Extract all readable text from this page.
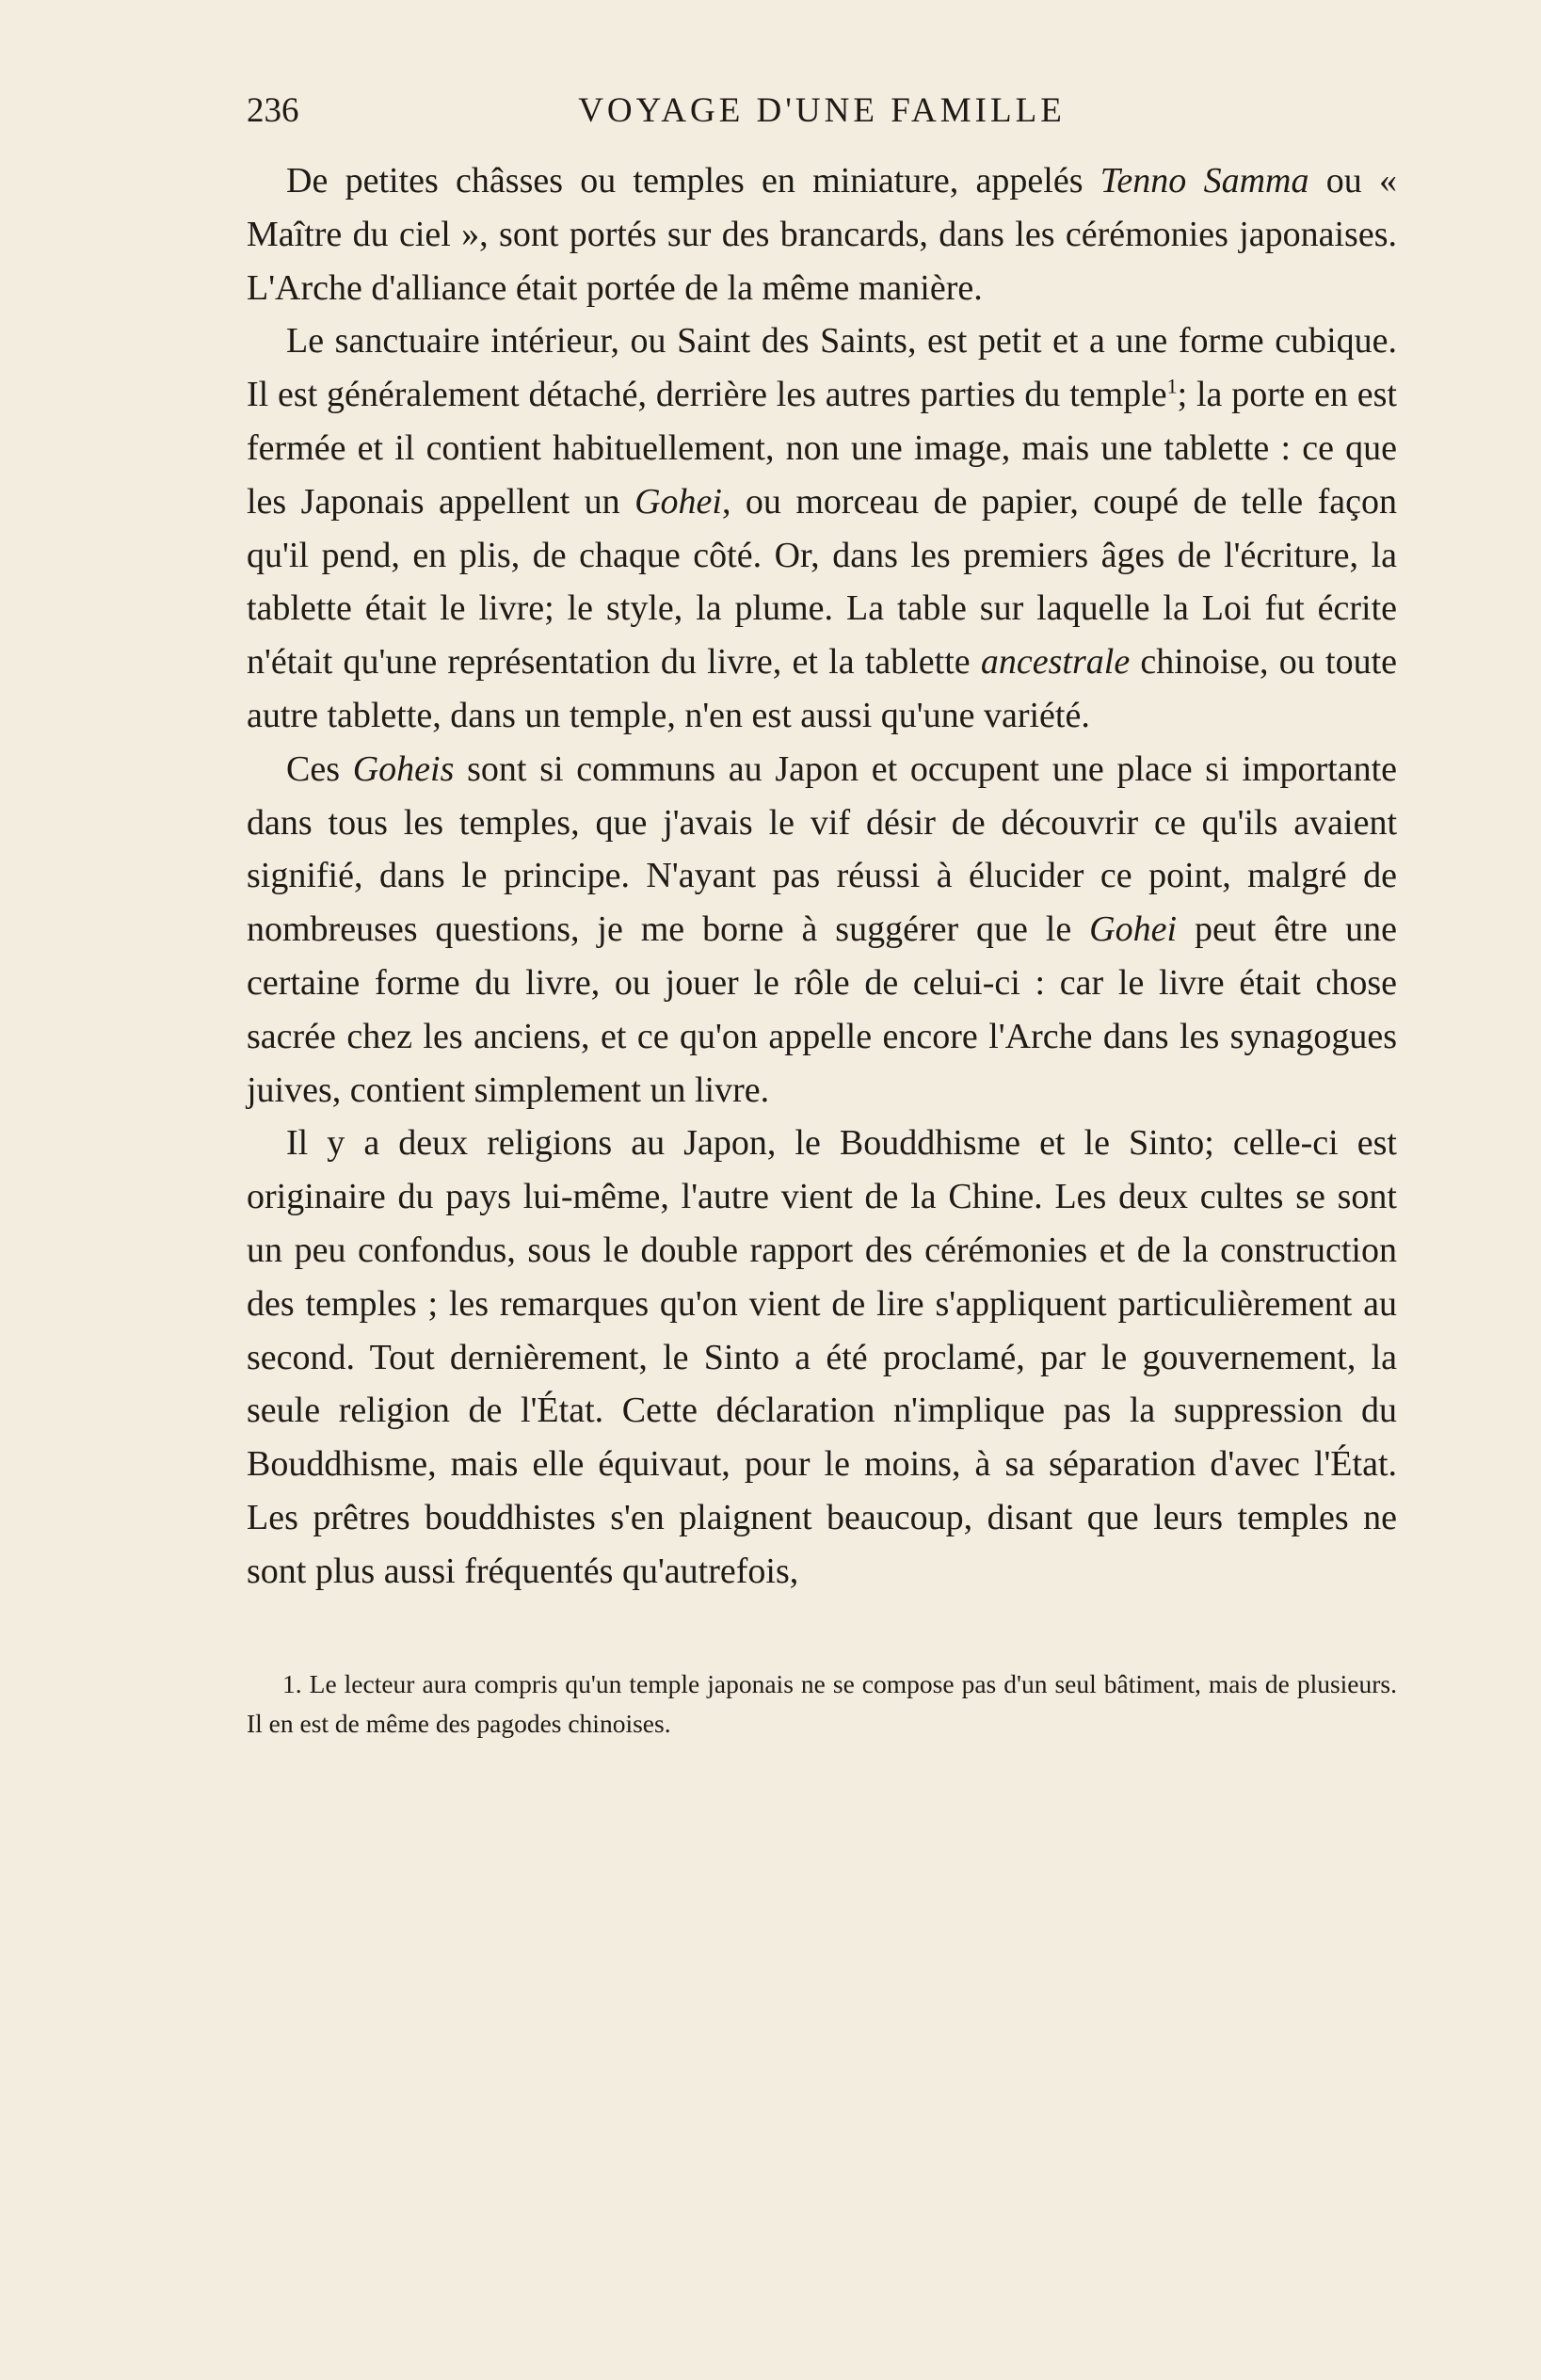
236	VOYAGE D'UNE FAMILLE

De petites châsses ou temples en miniature, appelés Tenno Samma ou « Maître du ciel », sont portés sur des brancards, dans les cérémonies japonaises. L'Arche d'alliance était portée de la même manière.

Le sanctuaire intérieur, ou Saint des Saints, est petit et a une forme cubique. Il est généralement détaché, derrière les autres parties du temple$^1$; la porte en est fermée et il contient habituellement, non une image, mais une tablette : ce que les Japonais appellent un Gohei, ou morceau de papier, coupé de telle façon qu'il pend, en plis, de chaque côté. Or, dans les premiers âges de l'écriture, la tablette était le livre; le style, la plume. La table sur laquelle la Loi fut écrite n'était qu'une représentation du livre, et la tablette ancestrale chinoise, ou toute autre tablette, dans un temple, n'en est aussi qu'une variété.

Ces Goheis sont si communs au Japon et occupent une place si importante dans tous les temples, que j'avais le vif désir de découvrir ce qu'ils avaient signifié, dans le principe. N'ayant pas réussi à élucider ce point, malgré de nombreuses questions, je me borne à suggérer que le Gohei peut être une certaine forme du livre, ou jouer le rôle de celui-ci : car le livre était chose sacrée chez les anciens, et ce qu'on appelle encore l'Arche dans les synagogues juives, contient simplement un livre.

Il y a deux religions au Japon, le Bouddhisme et le Sinto; celle-ci est originaire du pays lui-même, l'autre vient de la Chine. Les deux cultes se sont un peu confondus, sous le double rapport des cérémonies et de la construction des temples ; les remarques qu'on vient de lire s'appliquent particulièrement au second. Tout dernièrement, le Sinto a été proclamé, par le gouvernement, la seule religion de l'État. Cette déclaration n'implique pas la suppression du Bouddhisme, mais elle équivaut, pour le moins, à sa séparation d'avec l'État. Les prêtres bouddhistes s'en plaignent beaucoup, disant que leurs temples ne sont plus aussi fréquentés qu'autrefois,

1. Le lecteur aura compris qu'un temple japonais ne se compose pas d'un seul bâtiment, mais de plusieurs. Il en est de même des pagodes chinoises.
